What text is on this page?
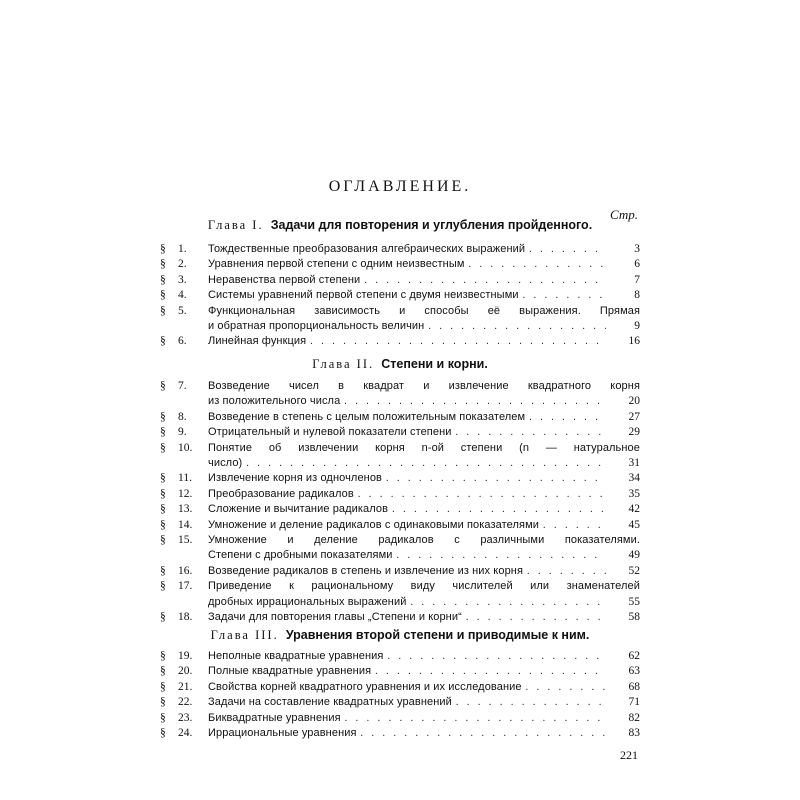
ОГЛАВЛЕНИЕ.
Стр.
Глава I. Задачи для повторения и углубления пройденного.
§ 1.	Тождественные преобразования алгебраических выражений . . .	3
§ 2.	Уравнения первой степени с одним неизвестным . . .	6
§ 3.	Неравенства первой степени . . .	7
§ 4.	Системы уравнений первой степени с двумя неизвестными . . .	8
§ 5.	Функциональная зависимость и способы её выражения. Прямая
и обратная пропорциональность величин . . .	9
§ 6.	Линейная функция . . .	16
Глава II. Степени и корни.
§ 7.	Возведение чисел в квадрат и извлечение квадратного корня
из положительного числа . . .	20
§ 8.	Возведение в степень с целым положительным показателем . . .	27
§ 9.	Отрицательный и нулевой показатели степени . . .	29
§ 10.	Понятие об извлечении корня n-ой степени (n — натуральное
число) . . .	31
§ 11.	Извлечение корня из одночленов . . .	34
§ 12.	Преобразование радикалов . . .	35
§ 13.	Сложение и вычитание радикалов . . .	42
§ 14.	Умножение и деление радикалов с одинаковыми показателями . . .	45
§ 15.	Умножение и деление радикалов с различными показателями.
Степени с дробными показателями . . .	49
§ 16.	Возведение радикалов в степень и извлечение из них корня . . .	52
§ 17.	Приведение к рациональному виду числителей или знаменателей
дробных иррациональных выражений . . .	55
§ 18.	Задачи для повторения главы „Степени и корни“ . . .	58
Глава III. Уравнения второй степени и приводимые к ним.
§ 19.	Неполные квадратные уравнения . . .	62
§ 20.	Полные квадратные уравнения . . .	63
§ 21.	Свойства корней квадратного уравнения и их исследование . . .	68
§ 22.	Задачи на составление квадратных уравнений . . .	71
§ 23.	Биквадратные уравнения . . .	82
§ 24.	Иррациональные уравнения . . .	83
221
